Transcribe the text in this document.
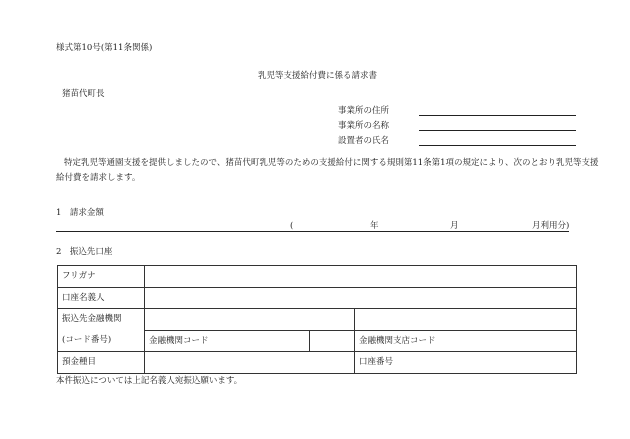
様式第10号(第11条関係)
乳児等支援給付費に係る請求書
猪苗代町長
事業所の住所
事業所の名称
設置者の氏名
特定乳児等通園支援を提供しましたので、猪苗代町乳児等のための支援給付に関する規則第11条第1項の規定により、次のとおり乳児等支援
給付費を請求します。
1　請求金額
(	年	月	月利用分)
2　振込先口座
フリガナ			
口座名義人			
振込先金融機関			
(コード番号)	金融機関コード		金融機関支店コード
預金種目			口座番号
本件振込については上記名義人宛振込願います。
